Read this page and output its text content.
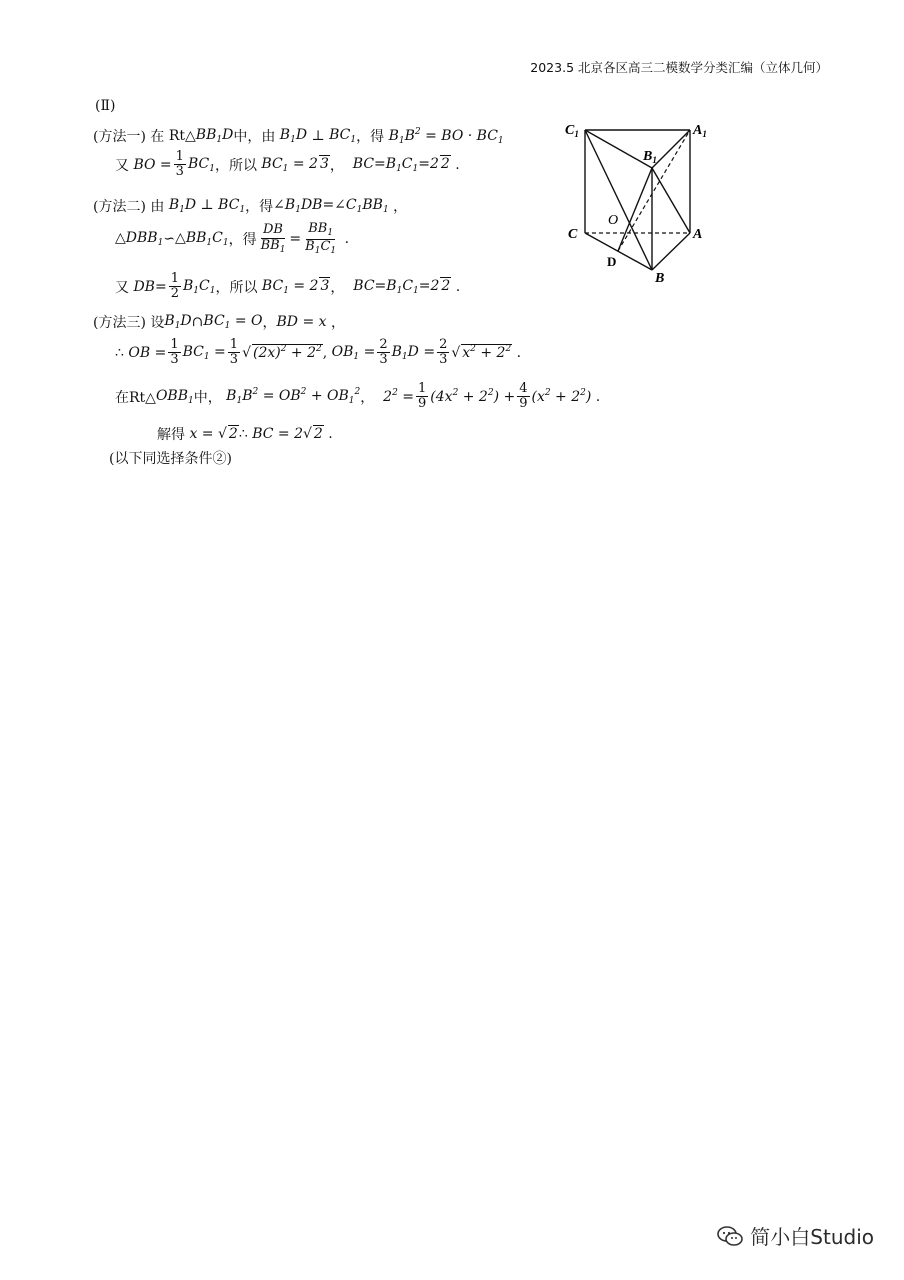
2023.5 北京各区高三二模数学分类汇编（立体几何）
(Ⅱ)
(方法一)
在
Rt△ $BB_1D$ 中，由
$B_1D$
⊥
$BC_1$ ，得 $B_1B^2$ = BO · $BC_1$
又
BO = $\frac{1}{3} BC_1$ ，所以 $BC_1 = 2$ 3 ， $BC=B_1C_1=2$ 2 .
(方法二)
由
$B_1D$ ⊥ $BC_1$ ，得 $\angle B_1DB=\angle C_1BB_1$ ，
$\triangle DBB_1$ ∽ $\triangle BB_1C_1$ ，得 $\frac{DB}{BB_1} = \frac{BB_1}{B_1C_1}$ .
又
$DB= \frac{1}{2} B_1C_1$ ，所以 $BC_1 = 2$ 3 ， $BC=B_1C_1=2$ 2 .
(方法三)
设 $B_1D$ ∩ $BC_1 = O$ ， BD = x ，
∴ OB = $\frac{1}{3} BC_1 = \frac{1}{3}$ √ $(2x)^2 + 2^2$ , $OB_1 = \frac{2}{3} B_1D = \frac{2}{3}$ √ $x^2 + 2^2$ .
在Rt△ $OBB_1$ 中， $B_1B^2 = OB^2 + OB_1^2$ ， $2^2 = \frac{1}{9} (4x^2 + 2^2) + \frac{4}{9} (x^2 + 2^2)$ .
解得 x = √ 2 ∴ BC = 2√ 2 .
(以下同选择条件②)
$C_1$	$A_1$
$B_1$
O
C	A
D
B
简小白Studio
